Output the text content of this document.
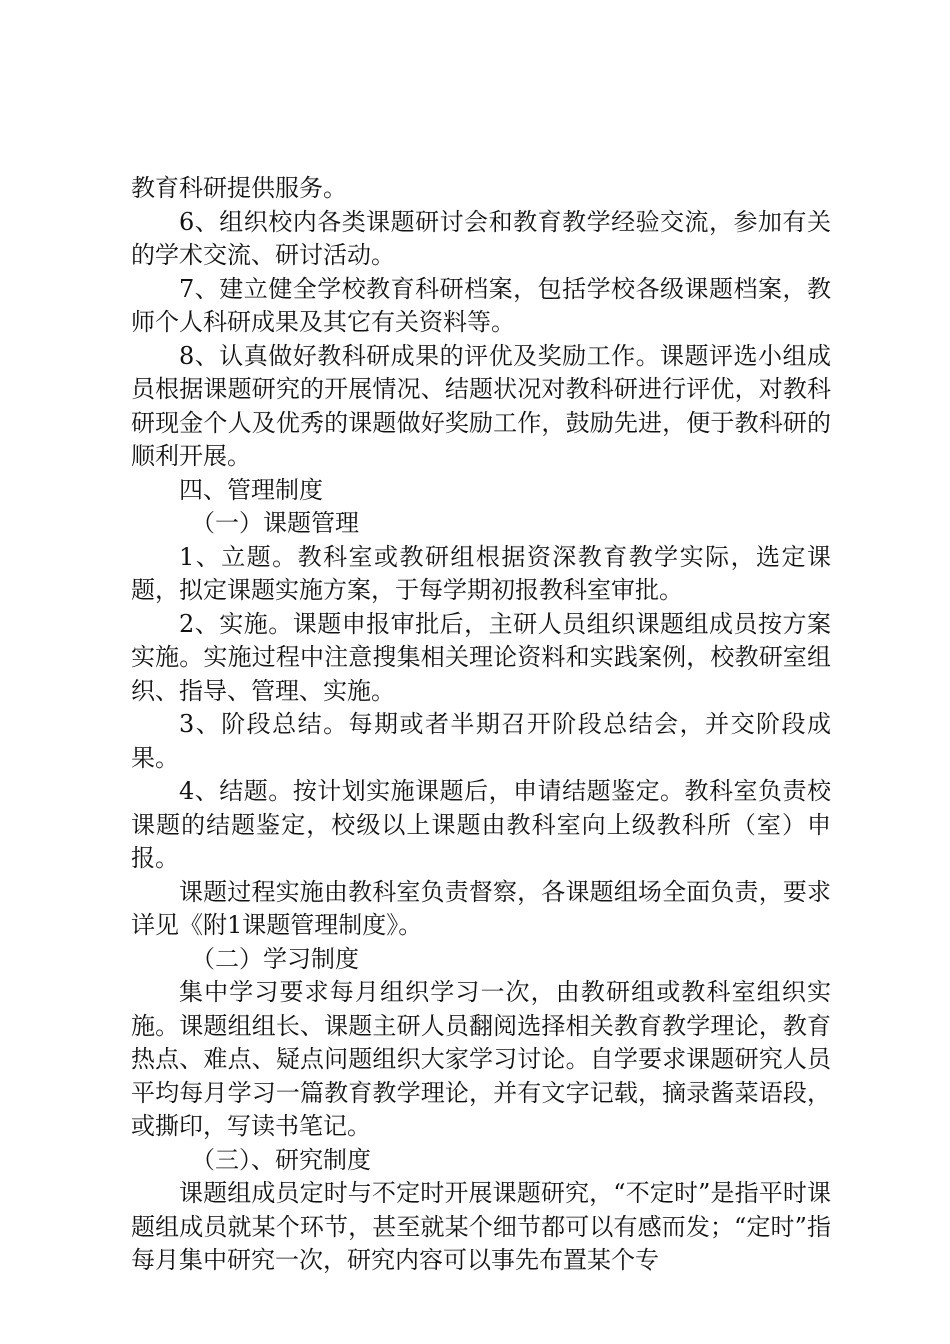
教育科研提供服务。

6、组织校内各类课题研讨会和教育教学经验交流，参加有关的学术交流、研讨活动。

7、建立健全学校教育科研档案，包括学校各级课题档案，教师个人科研成果及其它有关资料等。

8、认真做好教科研成果的评优及奖励工作。课题评选小组成员根据课题研究的开展情况、结题状况对教科研进行评优，对教科研现金个人及优秀的课题做好奖励工作，鼓励先进，便于教科研的顺利开展。

四、管理制度

（一）课题管理

1、立题。教科室或教研组根据资深教育教学实际，选定课题，拟定课题实施方案，于每学期初报教科室审批。

2、实施。课题申报审批后，主研人员组织课题组成员按方案实施。实施过程中注意搜集相关理论资料和实践案例，校教研室组织、指导、管理、实施。

3、阶段总结。每期或者半期召开阶段总结会，并交阶段成果。

4、结题。按计划实施课题后，申请结题鉴定。教科室负责校课题的结题鉴定，校级以上课题由教科室向上级教科所（室）申报。

课题过程实施由教科室负责督察，各课题组场全面负责，要求详见《附1课题管理制度》。

（二）学习制度

集中学习要求每月组织学习一次，由教研组或教科室组织实施。课题组组长、课题主研人员翻阅选择相关教育教学理论，教育热点、难点、疑点问题组织大家学习讨论。自学要求课题研究人员平均每月学习一篇教育教学理论，并有文字记载，摘录酱菜语段，或撕印，写读书笔记。

（三）、研究制度

课题组成员定时与不定时开展课题研究，“不定时”是指平时课题组成员就某个环节，甚至就某个细节都可以有感而发；“定时”指每月集中研究一次，研究内容可以事先布置某个专
